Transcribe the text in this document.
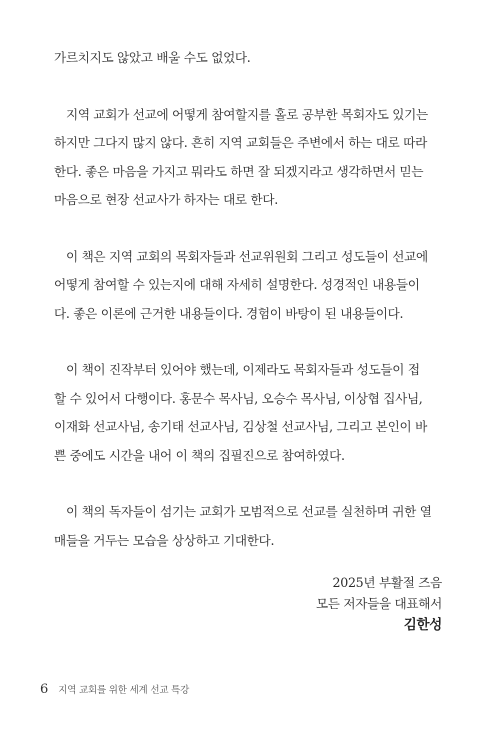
가르치지도 않았고 배울 수도 없었다.

지역 교회가 선교에 어떻게 참여할지를 홀로 공부한 목회자도 있기는
하지만 그다지 많지 않다. 흔히 지역 교회들은 주변에서 하는 대로 따라
한다. 좋은 마음을 가지고 뭐라도 하면 잘 되겠지라고 생각하면서 믿는
마음으로 현장 선교사가 하자는 대로 한다.

이 책은 지역 교회의 목회자들과 선교위원회 그리고 성도들이 선교에
어떻게 참여할 수 있는지에 대해 자세히 설명한다. 성경적인 내용들이
다. 좋은 이론에 근거한 내용들이다. 경험이 바탕이 된 내용들이다.

이 책이 진작부터 있어야 했는데, 이제라도 목회자들과 성도들이 접
할 수 있어서 다행이다. 홍문수 목사님, 오승수 목사님, 이상협 집사님,
이재화 선교사님, 송기태 선교사님, 김상철 선교사님, 그리고 본인이 바
쁜 중에도 시간을 내어 이 책의 집필진으로 참여하였다.

이 책의 독자들이 섬기는 교회가 모범적으로 선교를 실천하며 귀한 열
매들을 거두는 모습을 상상하고 기대한다.

2025년 부활절 즈음
모든 저자들을 대표해서
김한성
6 지역 교회를 위한 세계 선교 특강
